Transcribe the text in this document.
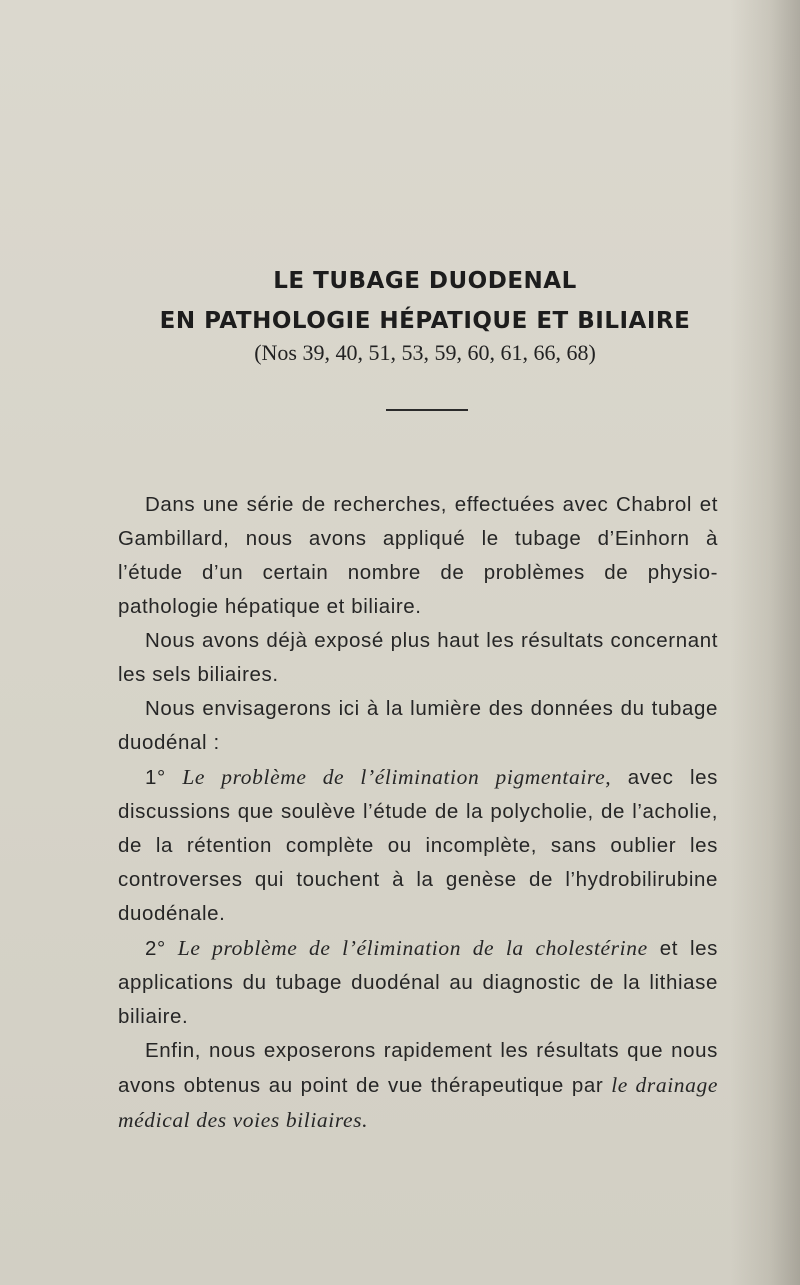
LE TUBAGE DUODENAL
EN PATHOLOGIE HÉPATIQUE ET BILIAIRE
(Nos 39, 40, 51, 53, 59, 60, 61, 66, 68)

Dans une série de recherches, effectuées avec Chabrol et Gambillard, nous avons appliqué le tubage d’Einhorn à l’étude d’un certain nombre de problèmes de physio-pathologie hépatique et biliaire.

Nous avons déjà exposé plus haut les résultats concernant les sels biliaires.

Nous envisagerons ici à la lumière des données du tubage duodénal :

1° Le problème de l’élimination pigmentaire, avec les discussions que soulève l’étude de la polycholie, de l’acholie, de la rétention complète ou incomplète, sans oublier les controverses qui touchent à la genèse de l’hydrobilirubine duodénale.

2° Le problème de l’élimination de la cholestérine et les applications du tubage duodénal au diagnostic de la lithiase biliaire.

Enfin, nous exposerons rapidement les résultats que nous avons obtenus au point de vue thérapeutique par le drainage médical des voies biliaires.
